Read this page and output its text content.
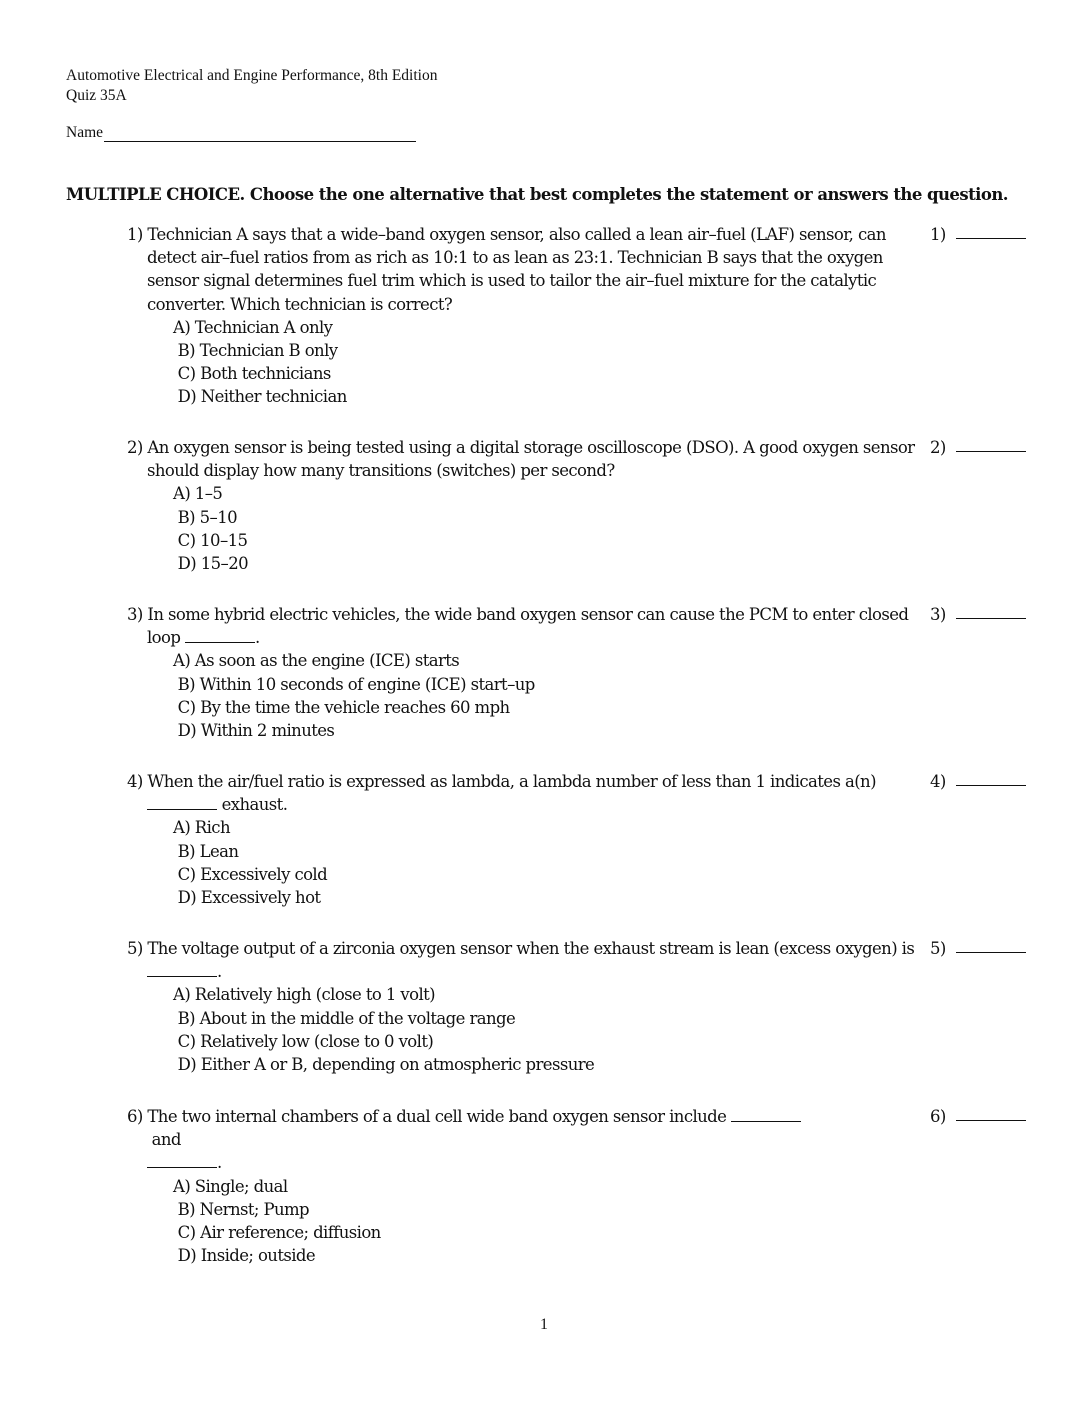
Automotive Electrical and Engine Performance, 8th Edition
Quiz 35A
Name
MULTIPLE CHOICE. Choose the one alternative that best completes the statement or answers the question.
1) Technician A says that a wide–band oxygen sensor, also called a lean air–fuel (LAF) sensor, can detect air–fuel ratios from as rich as 10:1 to as lean as 23:1. Technician B says that the oxygen sensor signal determines fuel trim which is used to tailor the air–fuel mixture for the catalytic converter. Which technician is correct?
1)
A) Technician A only
B) Technician B only
C) Both technicians
D) Neither technician
2) An oxygen sensor is being tested using a digital storage oscilloscope (DSO). A good oxygen sensor should display how many transitions (switches) per second?
2)
A) 1–5
B) 5–10
C) 10–15
D) 15–20
3) In some hybrid electric vehicles, the wide band oxygen sensor can cause the PCM to enter closed loop	.
3)
A) As soon as the engine (ICE) starts
B) Within 10 seconds of engine (ICE) start–up
C) By the time the vehicle reaches 60 mph
D) Within 2 minutes
4) When the air/fuel ratio is expressed as lambda, a lambda number of less than 1 indicates a(n)  exhaust.
4)
A) Rich
B) Lean
C) Excessively cold
D) Excessively hot
5) The voltage output of a zirconia oxygen sensor when the exhaust stream is lean (excess oxygen) is .
5)
A) Relatively high (close to 1 volt)
B) About in the middle of the voltage range
C) Relatively low (close to 0 volt)
D) Either A or B, depending on atmospheric pressure
6) The two internal chambers of a dual cell wide band oxygen sensor include  and
.
6)
A) Single; dual
B) Nernst; Pump
C) Air reference; diffusion
D) Inside; outside
1
